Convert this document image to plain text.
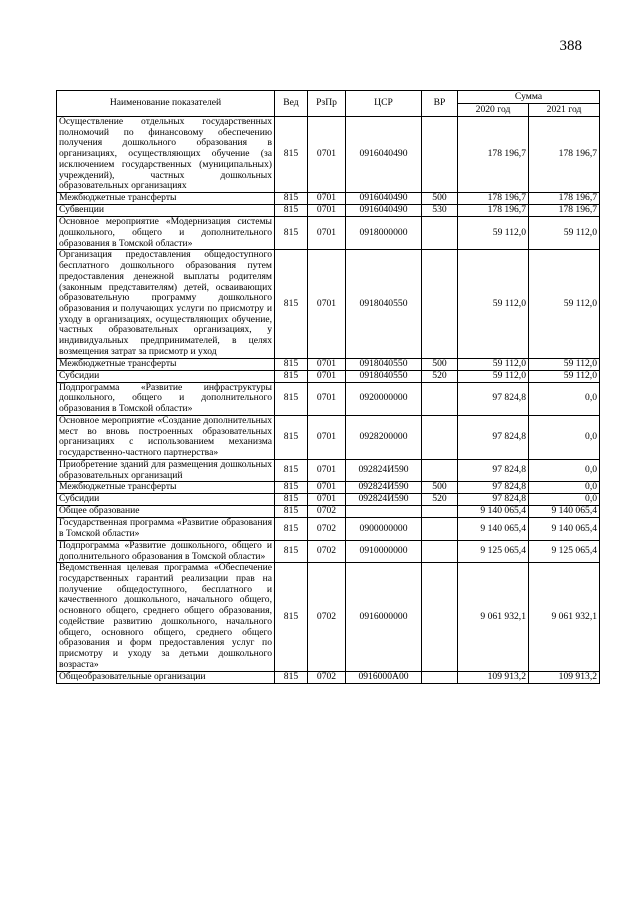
388
Наименование показателей	Вед	РзПр	ЦСР	ВР	Сумма	
					2020 год	2021 год
Осуществление отдельных государственных полномочий по финансовому обеспечению получения дошкольного образования в организациях, осуществляющих обучение (за исключением государственных (муниципальных) учреждений), частных дошкольных образовательных организациях	815	0701	0916040490		178 196,7	178 196,7
Межбюджетные трансферты	815	0701	0916040490	500	178 196,7	178 196,7
Субвенции	815	0701	0916040490	530	178 196,7	178 196,7
Основное мероприятие «Модернизация системы дошкольного, общего и дополнительного образования в Томской области»	815	0701	0918000000		59 112,0	59 112,0
Организация предоставления общедоступного бесплатного дошкольного образования путем предоставления денежной выплаты родителям (законным представителям) детей, осваивающих образовательную программу дошкольного образования и получающих услуги по присмотру и уходу в организациях, осуществляющих обучение, частных образовательных организациях, у индивидуальных предпринимателей, в целях возмещения затрат за присмотр и уход	815	0701	0918040550		59 112,0	59 112,0
Межбюджетные трансферты	815	0701	0918040550	500	59 112,0	59 112,0
Субсидии	815	0701	0918040550	520	59 112,0	59 112,0
Подпрограмма «Развитие инфраструктуры дошкольного, общего и дополнительного образования в Томской области»	815	0701	0920000000		97 824,8	0,0
Основное мероприятие «Создание дополнительных мест во вновь построенных образовательных организациях с использованием механизма государственно-частного партнерства»	815	0701	0928200000		97 824,8	0,0
Приобретение зданий для размещения дошкольных образовательных организаций	815	0701	092824И590		97 824,8	0,0
Межбюджетные трансферты	815	0701	092824И590	500	97 824,8	0,0
Субсидии	815	0701	092824И590	520	97 824,8	0,0
Общее образование	815	0702			9 140 065,4	9 140 065,4
Государственная программа «Развитие образования в Томской области»	815	0702	0900000000		9 140 065,4	9 140 065,4
Подпрограмма «Развитие дошкольного, общего и дополнительного образования в Томской области»	815	0702	0910000000		9 125 065,4	9 125 065,4
Ведомственная целевая программа «Обеспечение государственных гарантий реализации прав на получение общедоступного, бесплатного и качественного дошкольного, начального общего, основного общего, среднего общего образования, содействие развитию дошкольного, начального общего, основного общего, среднего общего образования и форм предоставления услуг по присмотру и уходу за детьми дошкольного возраста»	815	0702	0916000000		9 061 932,1	9 061 932,1
Общеобразовательные организации	815	0702	0916000А00		109 913,2	109 913,2
